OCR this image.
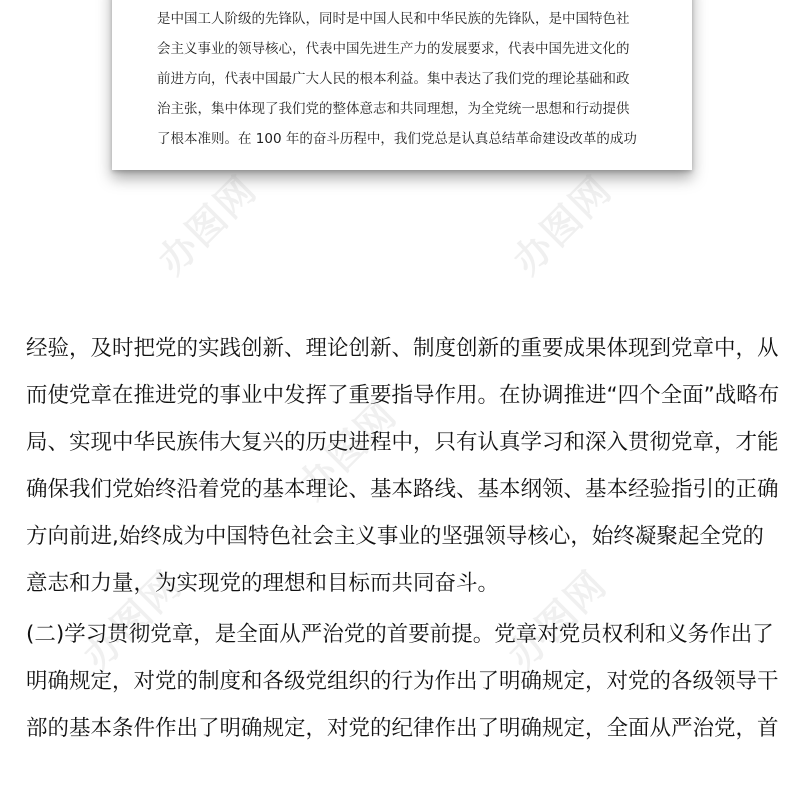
是中国工人阶级的先锋队，同时是中国人民和中华民族的先锋队，是中国特色社
会主义事业的领导核心，代表中国先进生产力的发展要求，代表中国先进文化的
前进方向，代表中国最广大人民的根本利益。集中表达了我们党的理论基础和政
治主张，集中体现了我们党的整体意志和共同理想，为全党统一思想和行动提供
了根本准则。在 100 年的奋斗历程中，我们党总是认真总结革命建设改革的成功
办图网	办图网
办图网
办图网	办图网
经验，及时把党的实践创新、理论创新、制度创新的重要成果体现到党章中，从
而使党章在推进党的事业中发挥了重要指导作用。在协调推进“四个全面”战略布
局、实现中华民族伟大复兴的历史进程中，只有认真学习和深入贯彻党章，才能
确保我们党始终沿着党的基本理论、基本路线、基本纲领、基本经验指引的正确
方向前进,始终成为中国特色社会主义事业的坚强领导核心，始终凝聚起全党的
意志和力量，为实现党的理想和目标而共同奋斗。
(二)学习贯彻党章，是全面从严治党的首要前提。党章对党员权利和义务作出了
明确规定，对党的制度和各级党组织的行为作出了明确规定，对党的各级领导干
部的基本条件作出了明确规定，对党的纪律作出了明确规定，全面从严治党，首
